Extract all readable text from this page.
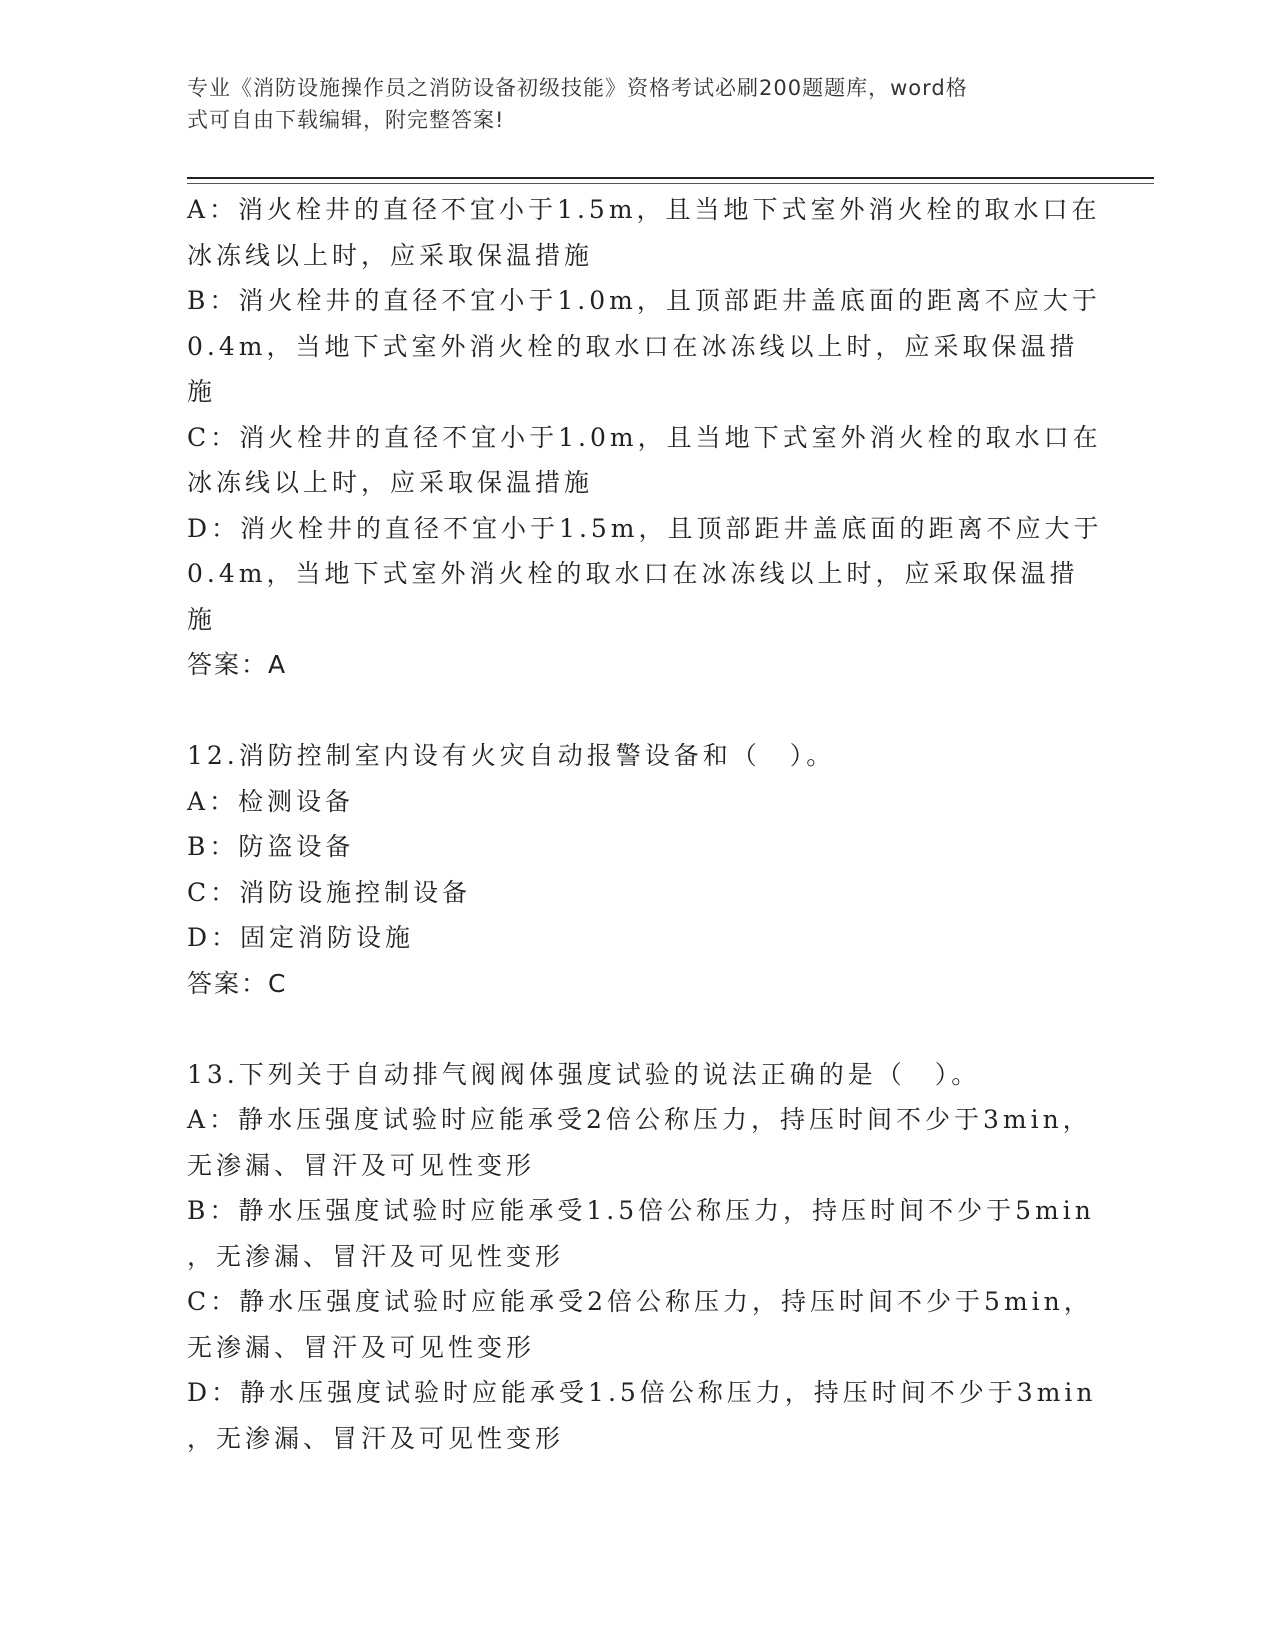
专业《消防设施操作员之消防设备初级技能》资格考试必刷200题题库，word格
式可自由下载编辑，附完整答案!
A：消火栓井的直径不宜小于1.5m，且当地下式室外消火栓的取水口在
冰冻线以上时，应采取保温措施
B：消火栓井的直径不宜小于1.0m，且顶部距井盖底面的距离不应大于
0.4m，当地下式室外消火栓的取水口在冰冻线以上时，应采取保温措
施
C：消火栓井的直径不宜小于1.0m，且当地下式室外消火栓的取水口在
冰冻线以上时，应采取保温措施
D：消火栓井的直径不宜小于1.5m，且顶部距井盖底面的距离不应大于
0.4m，当地下式室外消火栓的取水口在冰冻线以上时，应采取保温措
施
答案：A
12.消防控制室内设有火灾自动报警设备和（　）。
A：检测设备
B：防盗设备
C：消防设施控制设备
D：固定消防设施
答案：C
13.下列关于自动排气阀阀体强度试验的说法正确的是（　）。
A：静水压强度试验时应能承受2倍公称压力，持压时间不少于3min，
无渗漏、冒汗及可见性变形
B：静水压强度试验时应能承受1.5倍公称压力，持压时间不少于5min
，无渗漏、冒汗及可见性变形
C：静水压强度试验时应能承受2倍公称压力，持压时间不少于5min，
无渗漏、冒汗及可见性变形
D：静水压强度试验时应能承受1.5倍公称压力，持压时间不少于3min
，无渗漏、冒汗及可见性变形
